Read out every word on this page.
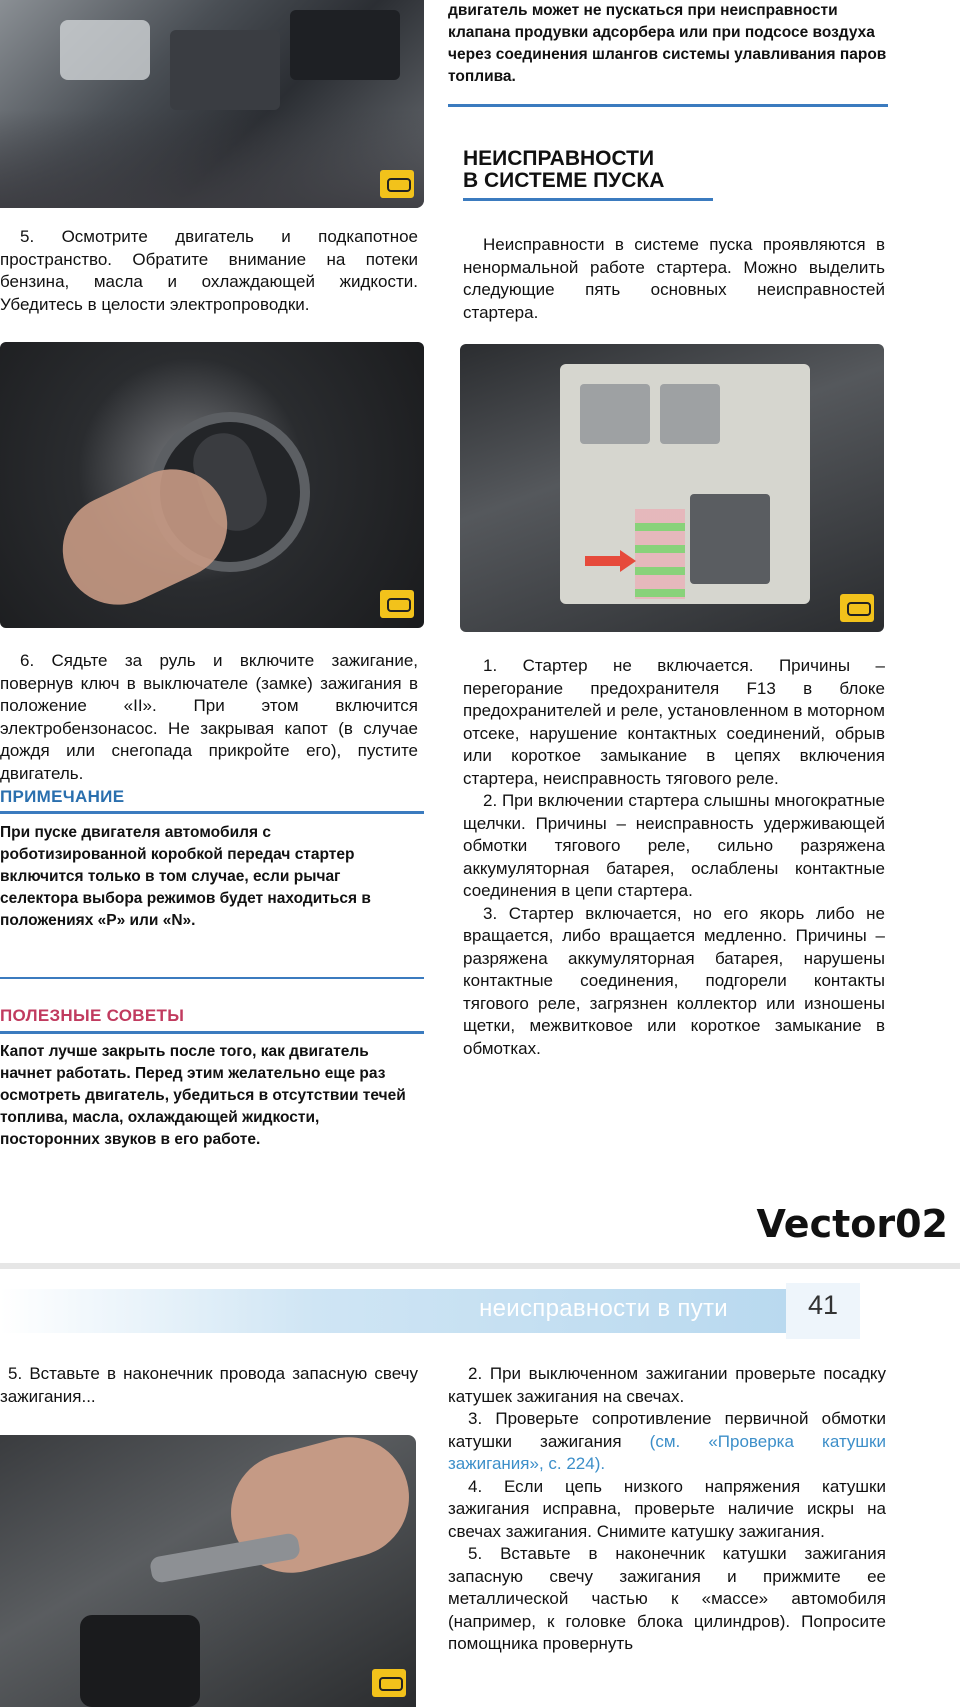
5. Осмотрите двигатель и подкапотное пространство. Обратите внимание на потеки бензина, масла и охлаждающей жидкости. Убедитесь в целости электропроводки.

6. Сядьте за руль и включите зажигание, повернув ключ в выключателе (замке) зажигания в положение «II». При этом включится электробензонасос. Не закрывая капот (в случае дождя или снегопада прикройте его), пустите двигатель.

ПРИМЕЧАНИЕ

При пуске двигателя автомобиля с роботизированной коробкой передач стартер включится только в том случае, если рычаг селектора выбора режимов будет находиться в положениях «P» или «N».

ПОЛЕЗНЫЕ СОВЕТЫ

Капот лучше закрыть после того, как двигатель начнет работать. Перед этим желательно еще раз осмотреть двигатель, убедиться в отсутствии течей топлива, масла, охлаждающей жидкости, посторонних звуков в его работе.

двигатель может не пускаться при неисправности клапана продувки адсорбера или при подсосе воздуха через соединения шлангов системы улавливания паров топлива.

НЕИСПРАВНОСТИ
В СИСТЕМЕ ПУСКА

Неисправности в системе пуска проявляются в ненормальной работе стартера. Можно выделить следующие пять основных неисправностей стартера.

1. Стартер не включается. Причины – перегорание предохранителя F13 в блоке предохранителей и реле, установленном в моторном отсеке, нарушение контактных соединений, обрыв или короткое замыкание в цепях включения стартера, неисправность тягового реле.

2. При включении стартера слышны многократные щелчки. Причины – неисправность удерживающей обмотки тягового реле, сильно разряжена аккумуляторная батарея, ослаблены контактные соединения в цепи стартера.

3. Стартер включается, но его якорь либо не вращается, либо вращается медленно. Причины – разряжена аккумуляторная батарея, нарушены контактные соединения, подгорели контакты тягового реле, загрязнен коллектор или изношены щетки, межвитковое или короткое замыкание в обмотках.

Vector02
неисправности в пути	41

5. Вставьте в наконечник провода запасную свечу зажигания...

2. При выключенном зажигании проверьте посадку катушек зажигания на свечах.

3. Проверьте сопротивление первичной обмотки катушки зажигания (см. «Проверка катушки зажигания», с. 224).

4. Если цепь низкого напряжения катушки зажигания исправна, проверьте наличие искры на свечах зажигания. Снимите катушку зажигания.

5. Вставьте в наконечник катушки зажигания запасную свечу зажигания и прижмите ее металлической частью к «массе» автомобиля (например, к головке блока цилиндров). Попросите помощника провернуть
